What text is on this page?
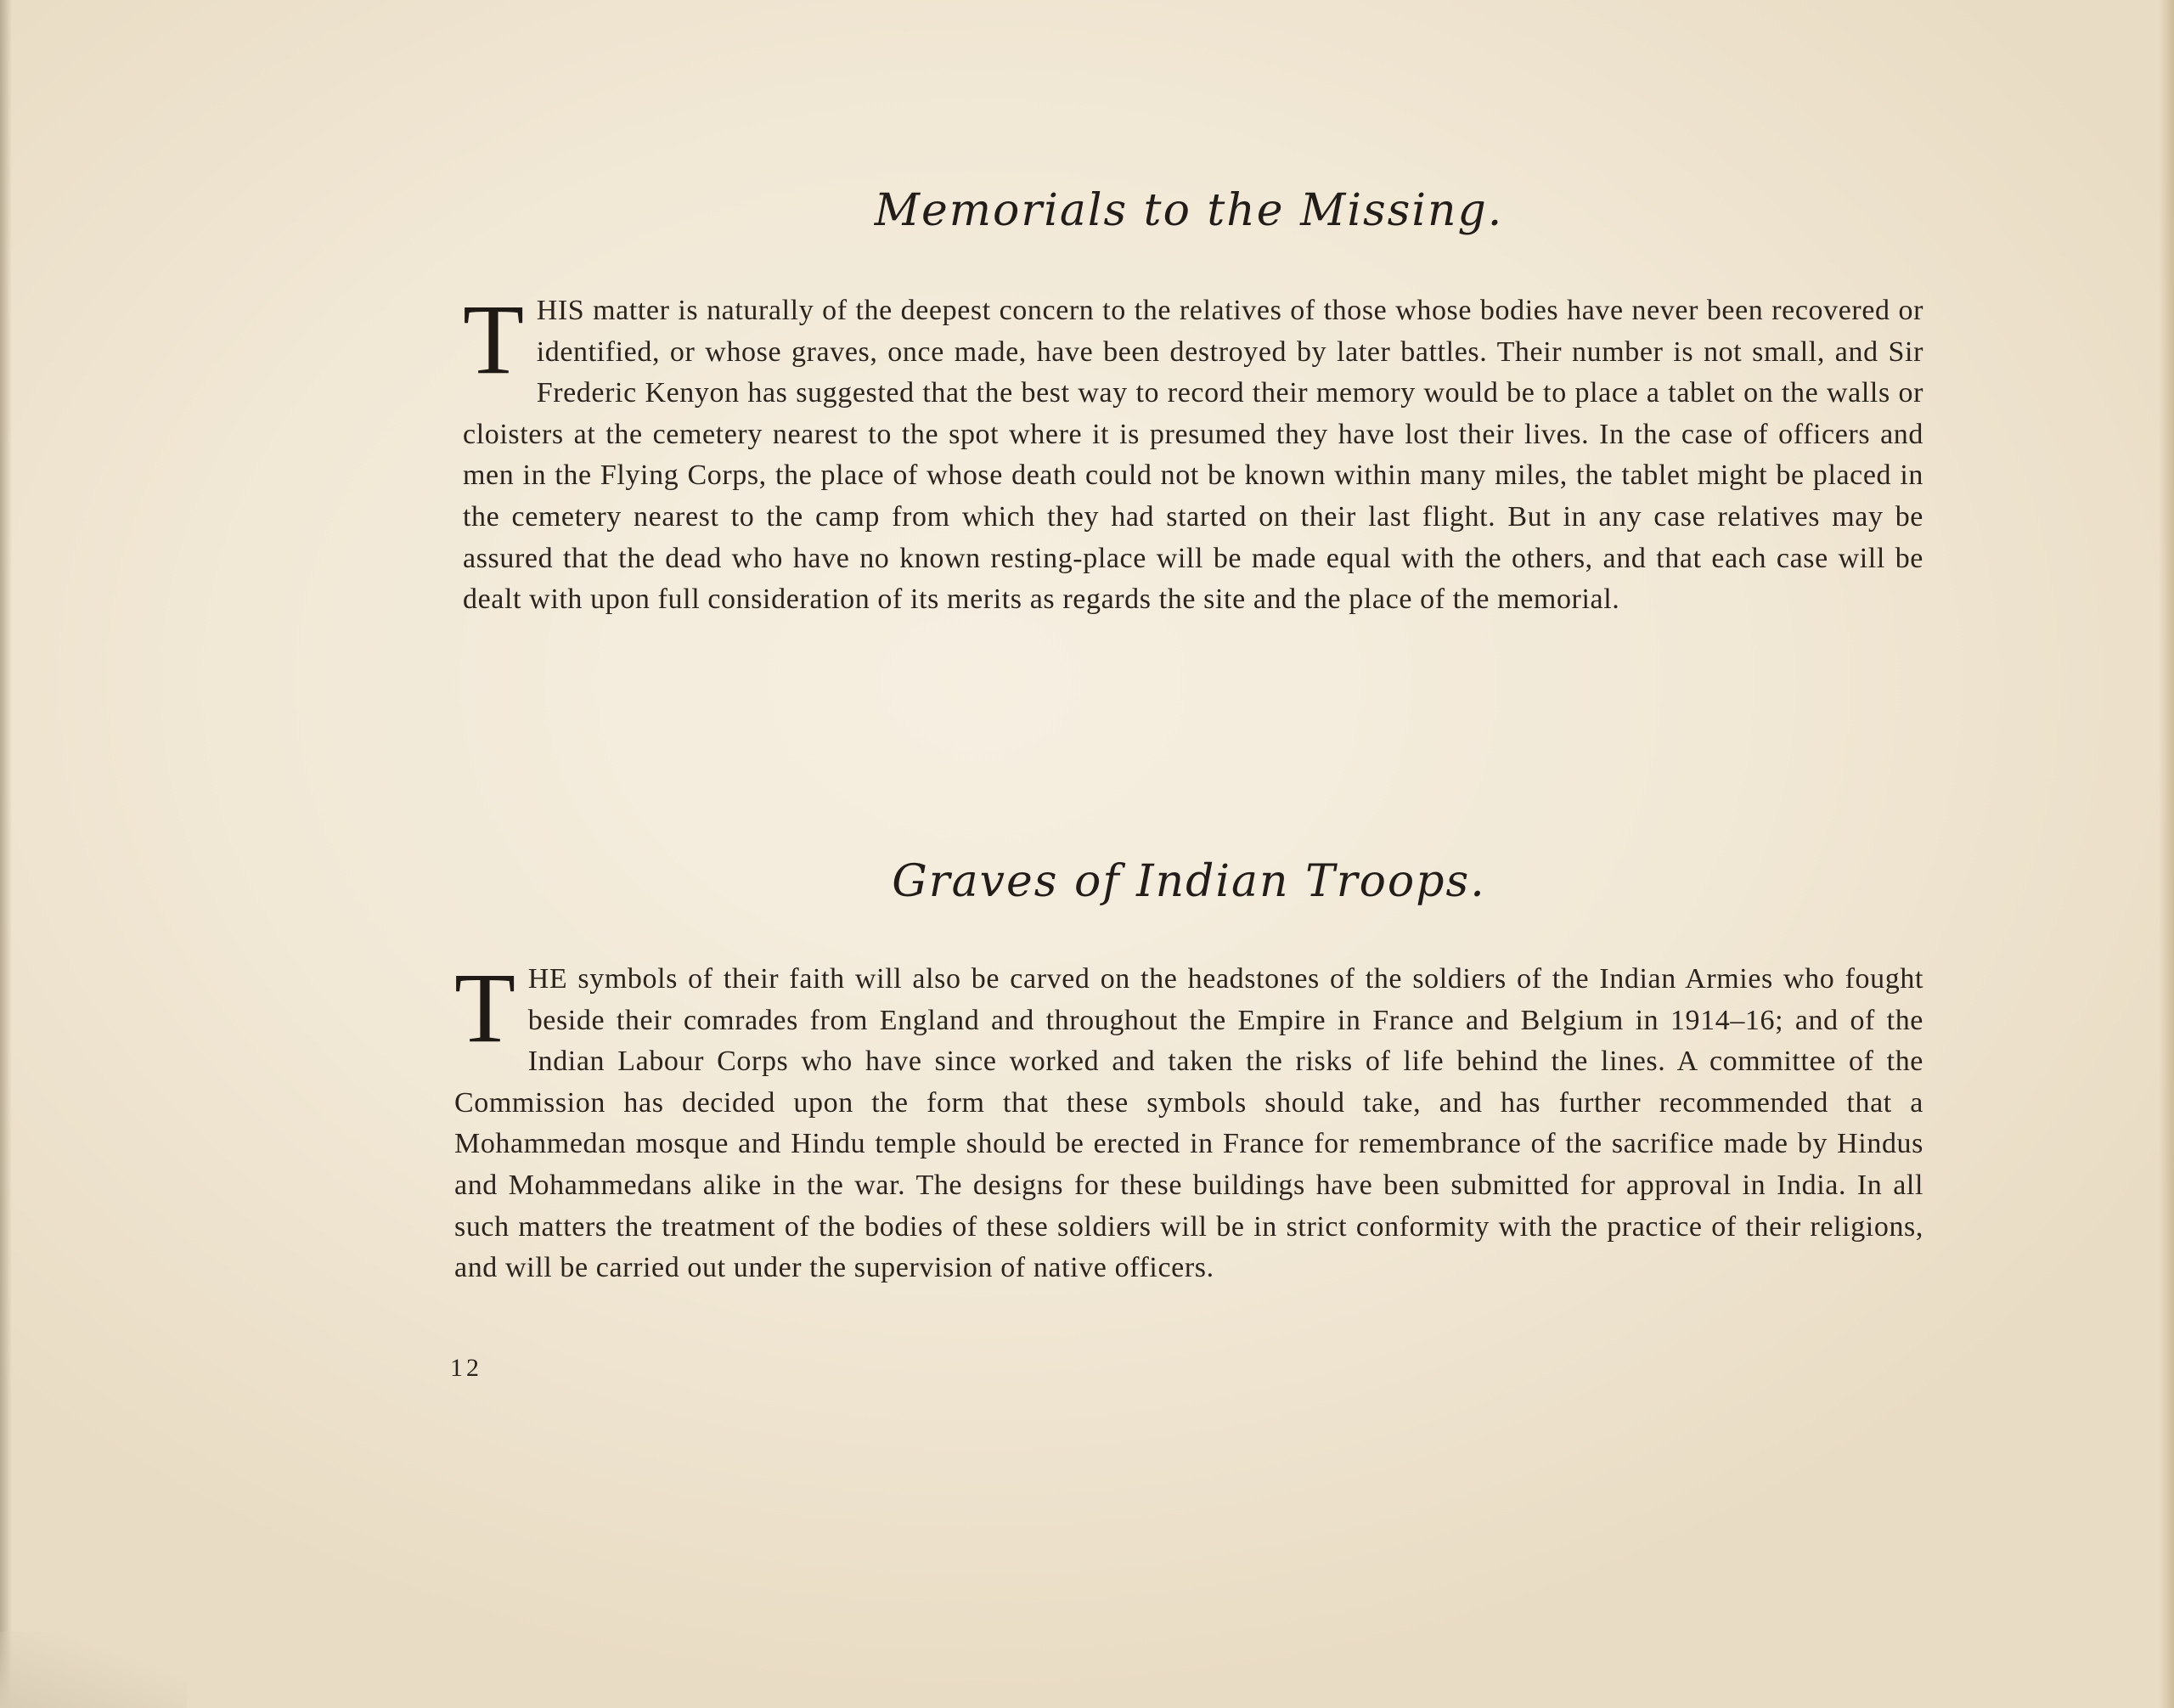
Memorials to the Missing.

THIS matter is naturally of the deepest concern to the relatives of those whose bodies have never been recovered or identified, or whose graves, once made, have been destroyed by later battles. Their number is not small, and Sir Frederic Kenyon has suggested that the best way to record their memory would be to place a tablet on the walls or cloisters at the cemetery nearest to the spot where it is presumed they have lost their lives. In the case of officers and men in the Flying Corps, the place of whose death could not be known within many miles, the tablet might be placed in the cemetery nearest to the camp from which they had started on their last flight. But in any case relatives may be assured that the dead who have no known resting-place will be made equal with the others, and that each case will be dealt with upon full consideration of its merits as regards the site and the place of the memorial.

Graves of Indian Troops.

THE symbols of their faith will also be carved on the headstones of the soldiers of the Indian Armies who fought beside their comrades from England and throughout the Empire in France and Belgium in 1914–16; and of the Indian Labour Corps who have since worked and taken the risks of life behind the lines. A committee of the Commission has decided upon the form that these symbols should take, and has further recommended that a Mohammedan mosque and Hindu temple should be erected in France for remembrance of the sacrifice made by Hindus and Mohammedans alike in the war. The designs for these buildings have been submitted for approval in India. In all such matters the treatment of the bodies of these soldiers will be in strict conformity with the practice of their religions, and will be carried out under the supervision of native officers.

12
